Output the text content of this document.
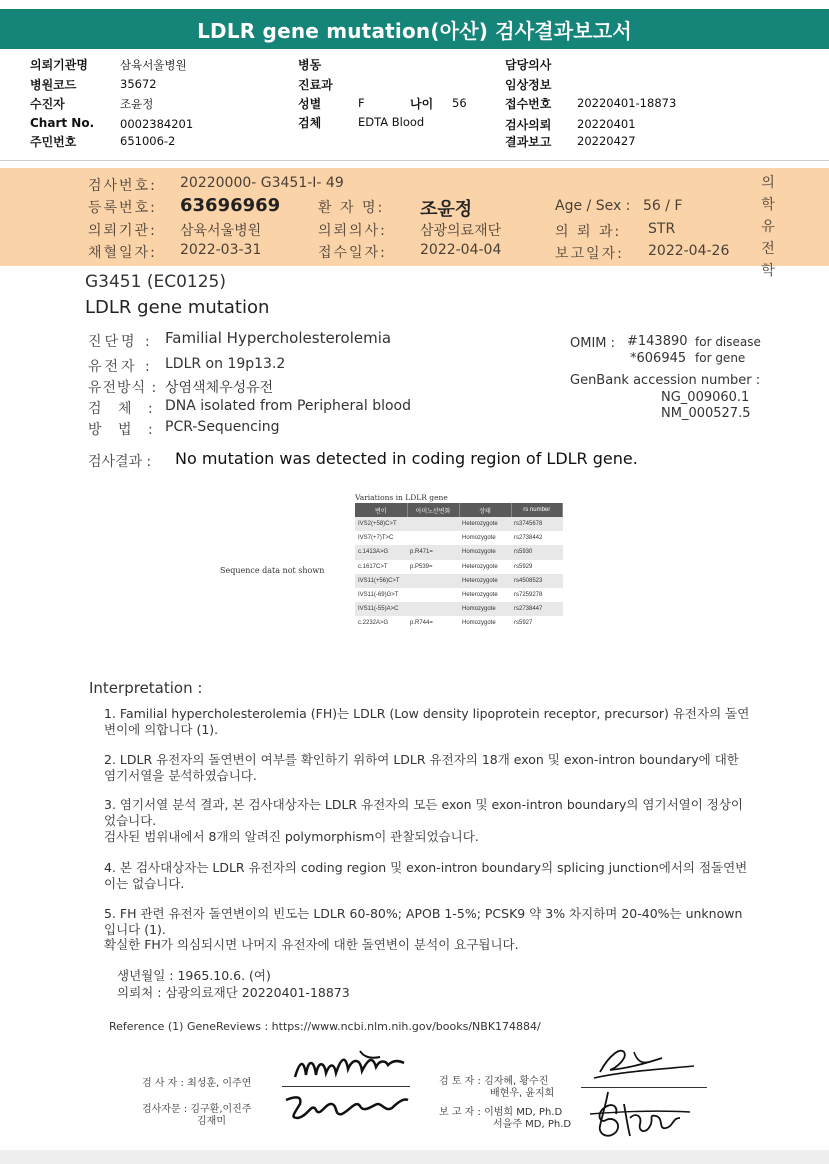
LDLR gene mutation(아산) 검사결과보고서
의뢰기관명	삼육서울병원
병원코드	35672
수진자	조윤정
Chart No. 0002384201
주민번호	651006-2
병동
진료과
성별	F	나이 56
검체	EDTA Blood
담당의사
임상정보
접수번호 20220401-18873
검사의뢰 20220401
결과보고 20220427
검사번호: 20220000- G3451-I- 49
등록번호: 63696969	환 자 명: 조윤정	Age / Sex : 56 / F
의뢰기관: 삼육서울병원	의뢰의사: 삼광의료재단	의 뢰 과: STR
채혈일자: 2022-03-31	접수일자: 2022-04-04	보고일자: 2022-04-26
의
학
유
전
학
G3451 (EC0125)
LDLR gene mutation
진단명 : Familial Hypercholesterolemia
유전자 : LDLR on 19p13.2
유전방식 : 상염색체우성유전
검 체 : DNA isolated from Peripheral blood
방 법 : PCR-Sequencing
OMIM : #143890 for disease
*606945 for gene
GenBank accession number :
NG_009060.1
NM_000527.5
검사결과 : No mutation was detected in coding region of LDLR gene.
Sequence data not shown
Variations in LDLR gene
변이	아미노산변화	상태	rs number
IVS2(+58)C>T		Heterozygote	rs3745678
IVS7(+7)T>C		Homozygote	rs2738442
c.1413A>G	p.R471=	Homozygote	rs5930
c.1617C>T	p.P539=	Heterozygote	rs5929
IVS11(+56)C>T		Heterozygote	rs4508523
IVS11(-69)G>T		Heterozygote	rs7259278
IVS11(-55)A>C		Homozygote	rs2738447
c.2232A>G	p.R744=	Homozygote	rs5927
Interpretation :
1. Familial hypercholesterolemia (FH)는 LDLR (Low density lipoprotein receptor, precursor) 유전자의 돌연변이에 의합니다 (1).
2. LDLR 유전자의 돌연변이 여부를 확인하기 위하여 LDLR 유전자의 18개 exon 및 exon-intron boundary에 대한 염기서열을 분석하였습니다.
3. 염기서열 분석 결과, 본 검사대상자는 LDLR 유전자의 모든 exon 및 exon-intron boundary의 염기서열이 정상이었습니다.
검사된 범위내에서 8개의 알려진 polymorphism이 관찰되었습니다.
4. 본 검사대상자는 LDLR 유전자의 coding region 및 exon-intron boundary의 splicing junction에서의 점돌연변이는 없습니다.
5. FH 관련 유전자 돌연변이의 빈도는 LDLR 60-80%; APOB 1-5%; PCSK9 약 3% 차지하며 20-40%는 unknown 입니다 (1).
확실한 FH가 의심되시면 나머지 유전자에 대한 돌연변이 분석이 요구됩니다.
생년월일 : 1965.10.6. (여)
의뢰처 : 삼광의료재단 20220401-18873
Reference (1) GeneReviews : https://www.ncbi.nlm.nih.gov/books/NBK174884/
검 사 자 : 최성훈, 이주연
검사자문 : 김구환,이진주
김재미
검 토 자 : 김자혜, 황수진
배현우, 윤지희
보 고 자 : 이범희 MD, Ph.D
서을주 MD, Ph.D
